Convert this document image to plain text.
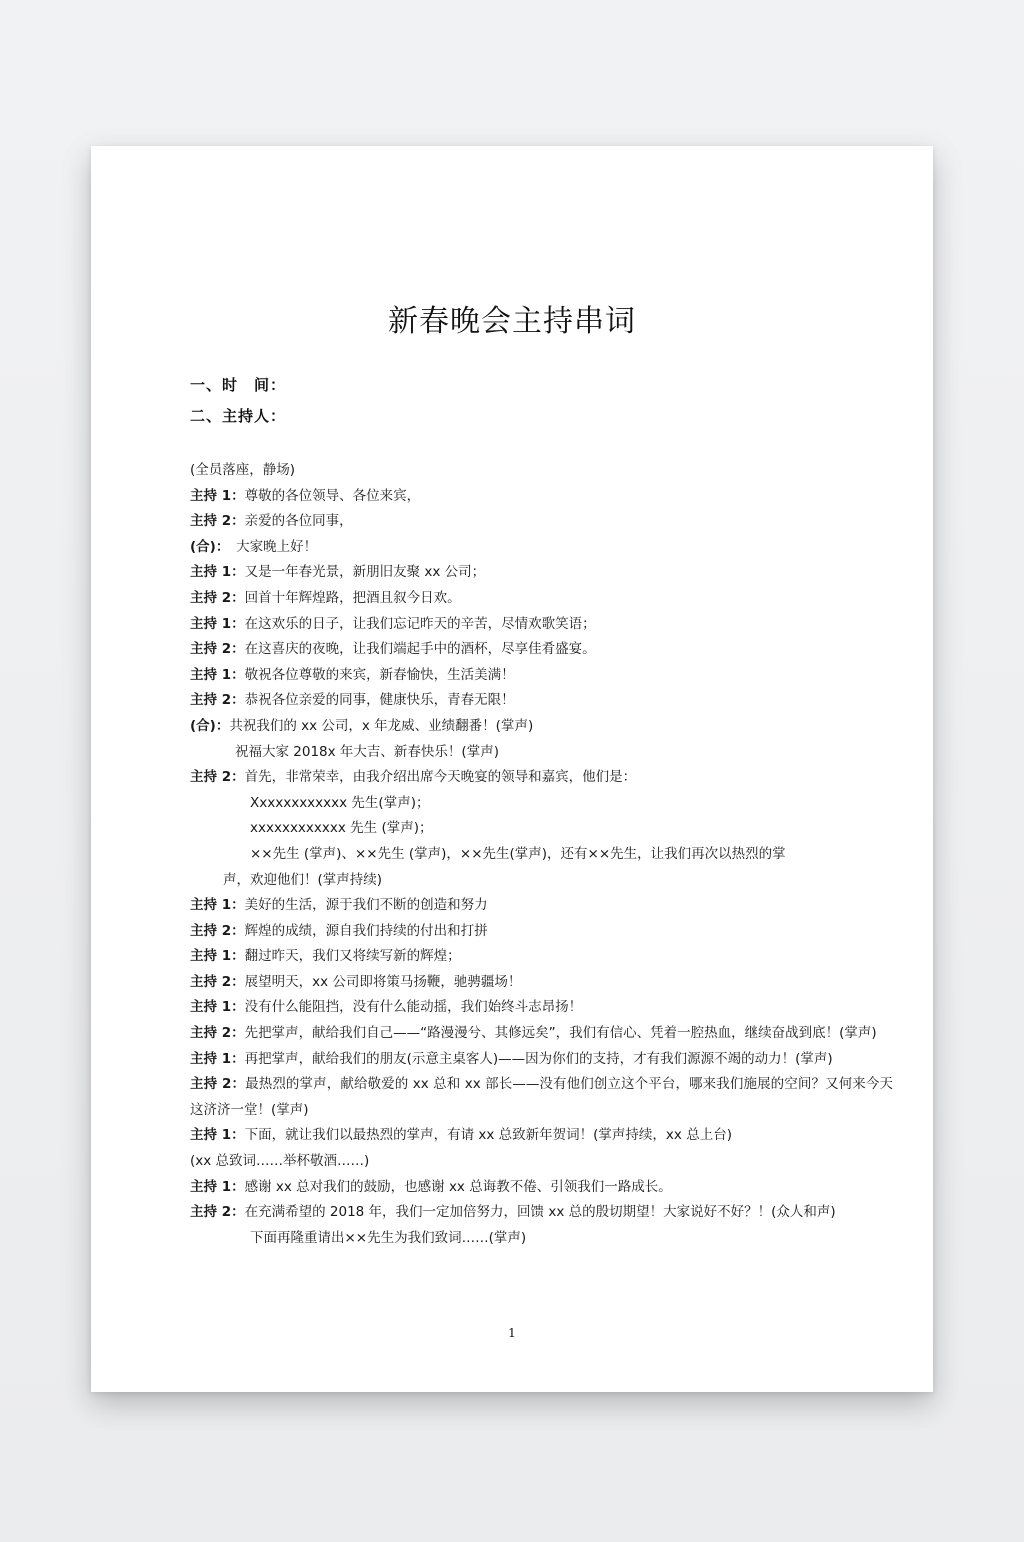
新春晚会主持串词
一、时　间：
二、主持人：
(全员落座，静场)
主持 1：尊敬的各位领导、各位来宾，
主持 2：亲爱的各位同事，
(合)：　大家晚上好！
主持 1：又是一年春光景，新朋旧友聚 xx 公司；
主持 2：回首十年辉煌路，把酒且叙今日欢。
主持 1：在这欢乐的日子，让我们忘记昨天的辛苦，尽情欢歌笑语；
主持 2：在这喜庆的夜晚，让我们端起手中的酒杯，尽享佳肴盛宴。
主持 1：敬祝各位尊敬的来宾，新春愉快，生活美满！
主持 2：恭祝各位亲爱的同事，健康快乐，青春无限！
(合)：共祝我们的 xx 公司，x 年龙威、业绩翻番！(掌声)
祝福大家 2018x 年大吉、新春快乐！(掌声)
主持 2：首先，非常荣幸，由我介绍出席今天晚宴的领导和嘉宾，他们是：
Xxxxxxxxxxxx 先生(掌声)；
xxxxxxxxxxxx 先生 (掌声)；
××先生 (掌声)、××先生 (掌声)，××先生(掌声)，还有××先生，让我们再次以热烈的掌
声，欢迎他们！(掌声持续)
主持 1：美好的生活，源于我们不断的创造和努力
主持 2：辉煌的成绩，源自我们持续的付出和打拼
主持 1：翻过昨天，我们又将续写新的辉煌；
主持 2：展望明天，xx 公司即将策马扬鞭，驰骋疆场！
主持 1：没有什么能阻挡，没有什么能动摇，我们始终斗志昂扬！
主持 2：先把掌声，献给我们自己——“路漫漫兮、其修远矣”，我们有信心、凭着一腔热血，继续奋战到底！(掌声)
主持 1：再把掌声，献给我们的朋友(示意主桌客人)——因为你们的支持，才有我们源源不竭的动力！(掌声)
主持 2：最热烈的掌声，献给敬爱的 xx 总和 xx 部长——没有他们创立这个平台，哪来我们施展的空间？又何来今天这济济一堂！(掌声)
主持 1：下面，就让我们以最热烈的掌声，有请 xx 总致新年贺词！(掌声持续，xx 总上台)
(xx 总致词……举杯敬酒……)
主持 1：感谢 xx 总对我们的鼓励，也感谢 xx 总诲教不倦、引领我们一路成长。
主持 2：在充满希望的 2018 年，我们一定加倍努力，回馈 xx 总的殷切期望！大家说好不好？！(众人和声)
下面再隆重请出××先生为我们致词……(掌声)
1
